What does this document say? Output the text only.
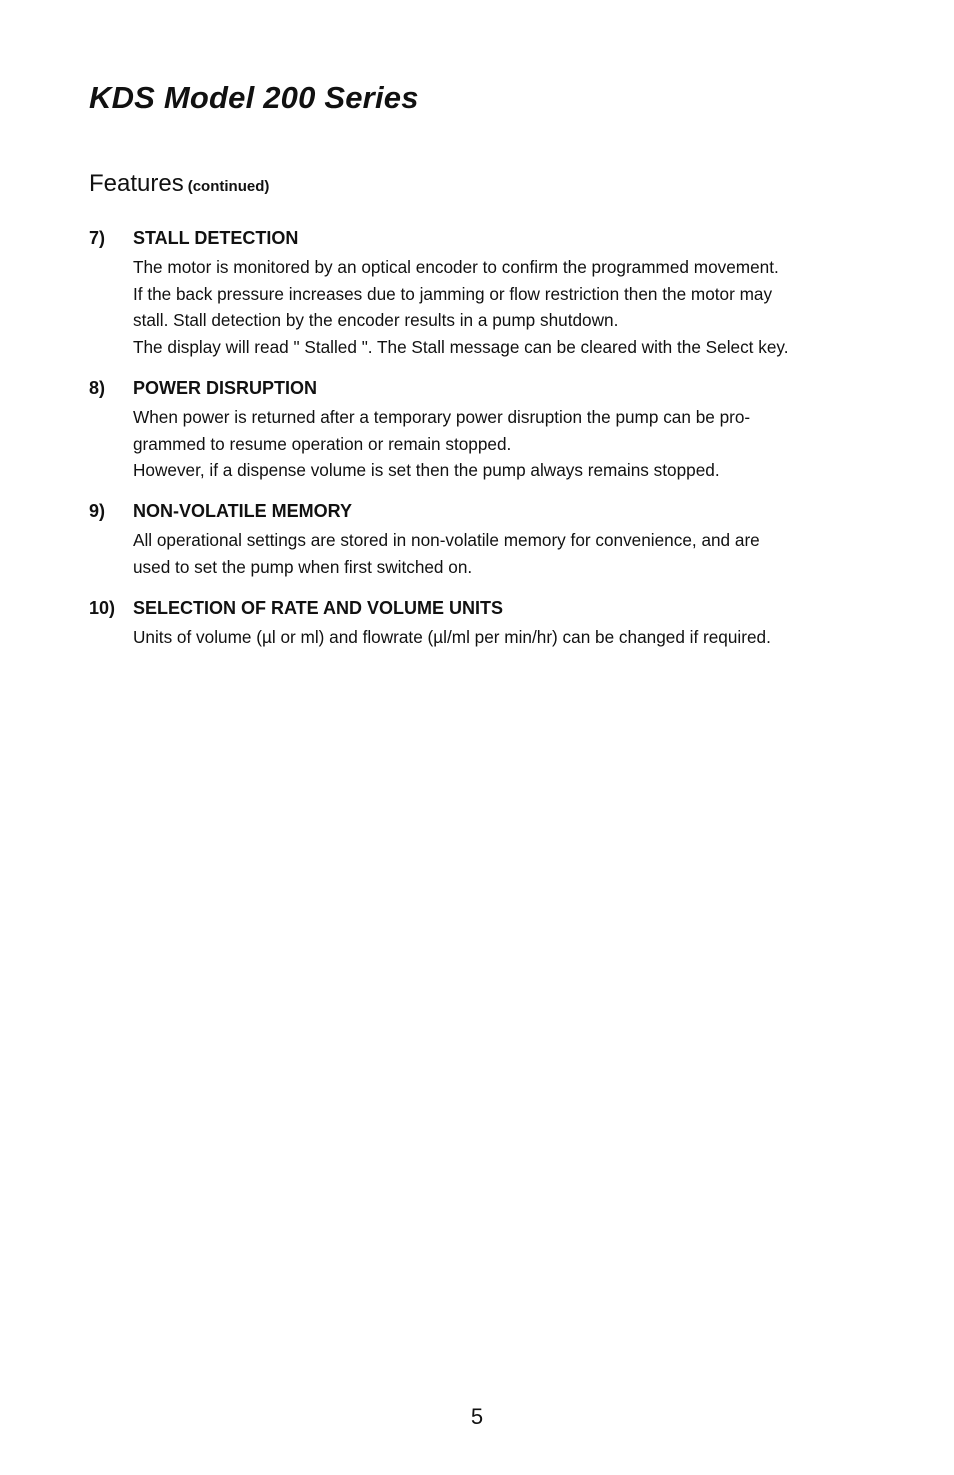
KDS Model 200 Series
Features (continued)
7) STALL DETECTION
The motor is monitored by an optical encoder to confirm the programmed movement.
If the back pressure increases due to jamming or flow restriction then the motor may
stall. Stall detection by the encoder results in a pump shutdown.
The display will read " Stalled ". The Stall message can be cleared with the Select key.
8) POWER DISRUPTION
When power is returned after a temporary power disruption the pump can be pro-
grammed to resume operation or remain stopped.
However, if a dispense volume is set then the pump always remains stopped.
9) NON-VOLATILE MEMORY
All operational settings are stored in non-volatile memory for convenience, and are
used to set the pump when first switched on.
10) SELECTION OF RATE AND VOLUME UNITS
Units of volume (µl or ml) and flowrate (µl/ml per min/hr) can be changed if required.
5
